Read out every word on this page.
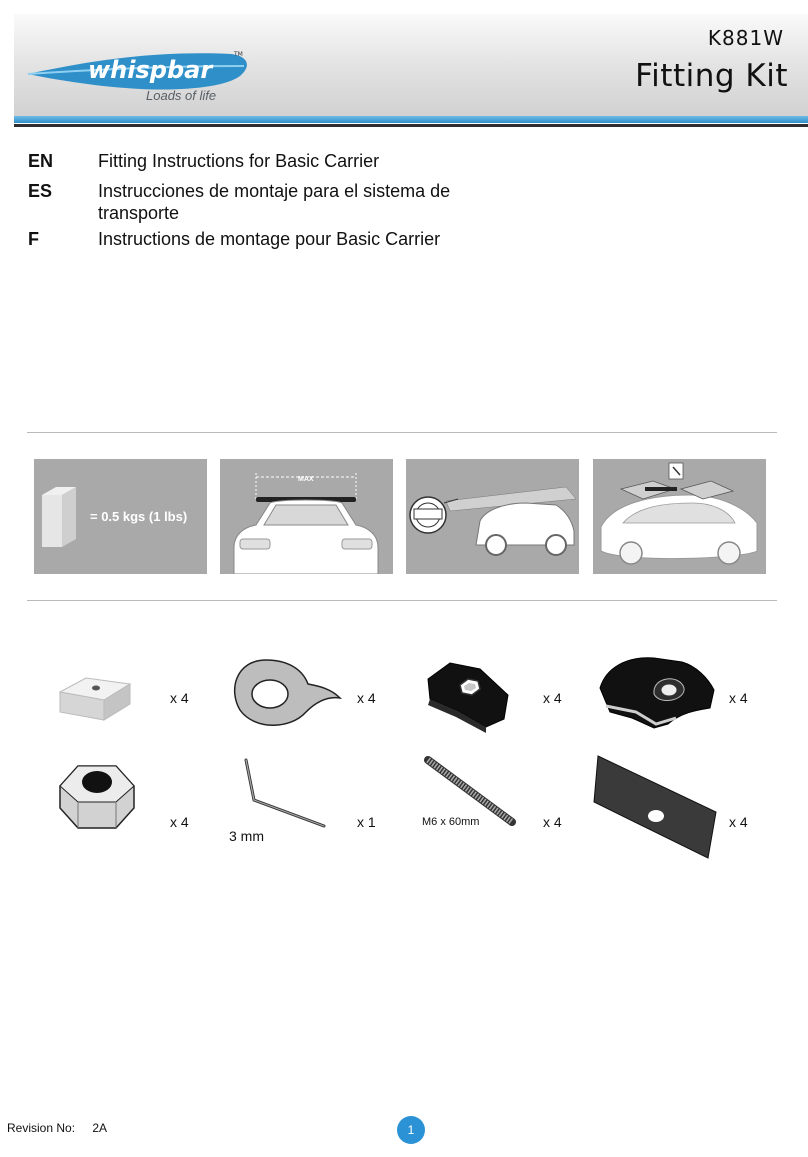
whispbar
TM
Loads of life
K881W
Fitting Kit
EN Fitting Instructions for Basic Carrier
ES	Instrucciones de montaje para el sistema de transporte
F	Instructions de montage pour Basic Carrier
= 0.5 kgs (1 lbs)
MAX
x 4	x 4	x 4	x 4
x 4
3 mm
x 1	M6 x 60mm	x 4	x 4
Revision No: 2A	1
